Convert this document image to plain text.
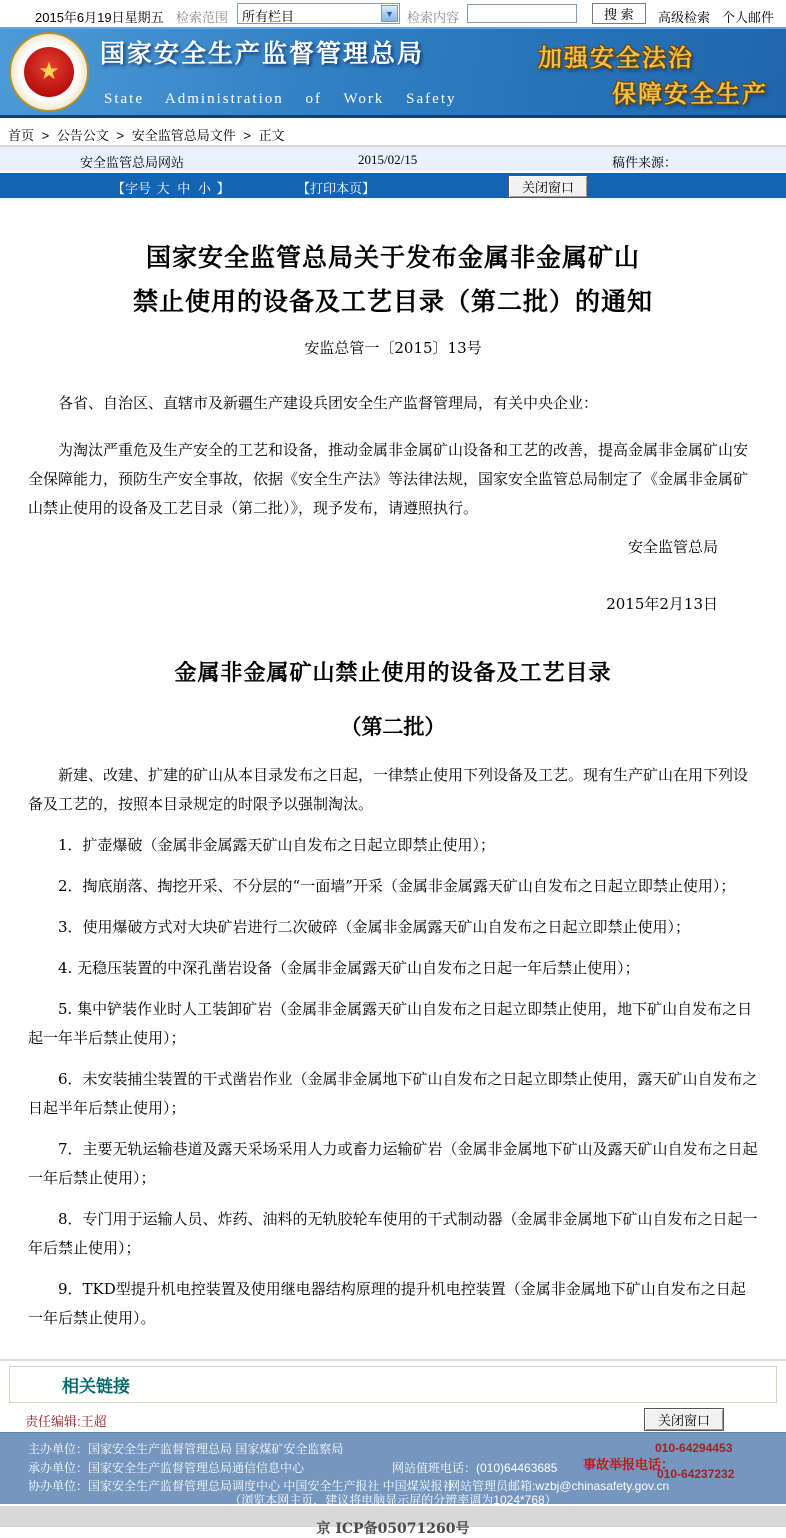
2015年6月19日星期五 检索范围 所有栏目	▼	检索内容	搜 索	高级检索 个人邮件
★
国家安全生产监督管理总局
State Administration of Work Safety
加强安全法治
保障安全生产
首页 > 公告公文 > 安全监管总局文件 > 正文
安全监管总局网站	2015/02/15	稿件来源：
【字号 大 中 小 】	【打印本页】	关闭窗口
国家安全监管总局关于发布金属非金属矿山
禁止使用的设备及工艺目录（第二批）的通知
安监总管一〔2015〕13号

各省、自治区、直辖市及新疆生产建设兵团安全生产监督管理局，有关中央企业：

为淘汰严重危及生产安全的工艺和设备，推动金属非金属矿山设备和工艺的改善，提高金属非金属矿山安全保障能力，预防生产安全事故，依据《安全生产法》等法律法规，国家安全监管总局制定了《金属非金属矿山禁止使用的设备及工艺目录（第二批）》，现予发布，请遵照执行。

安全监管总局
2015年2月13日
金属非金属矿山禁止使用的设备及工艺目录
（第二批）

新建、改建、扩建的矿山从本目录发布之日起，一律禁止使用下列设备及工艺。现有生产矿山在用下列设备及工艺的，按照本目录规定的时限予以强制淘汰。

1．扩壶爆破（金属非金属露天矿山自发布之日起立即禁止使用）；

2．掏底崩落、掏挖开采、不分层的“一面墙”开采（金属非金属露天矿山自发布之日起立即禁止使用）；

3．使用爆破方式对大块矿岩进行二次破碎（金属非金属露天矿山自发布之日起立即禁止使用）；

4. 无稳压装置的中深孔凿岩设备（金属非金属露天矿山自发布之日起一年后禁止使用）；

5. 集中铲装作业时人工装卸矿岩（金属非金属露天矿山自发布之日起立即禁止使用，地下矿山自发布之日起一年半后禁止使用）；

6．未安装捕尘装置的干式凿岩作业（金属非金属地下矿山自发布之日起立即禁止使用，露天矿山自发布之日起半年后禁止使用）；

7．主要无轨运输巷道及露天采场采用人力或畜力运输矿岩（金属非金属地下矿山及露天矿山自发布之日起一年后禁止使用）；

8．专门用于运输人员、炸药、油料的无轨胶轮车使用的干式制动器（金属非金属地下矿山自发布之日起一年后禁止使用）；

9．TKD型提升机电控装置及使用继电器结构原理的提升机电控装置（金属非金属地下矿山自发布之日起一年后禁止使用）。

相关链接
责任编辑:王超	关闭窗口
主办单位：国家安全生产监督管理总局 国家煤矿安全监察局
承办单位：国家安全生产监督管理总局通信信息中心	网站值班电话：(010)64463685
协办单位：国家安全生产监督管理总局调度中心 中国安全生产报社 中国煤炭报社
网站管理员邮箱:wzbj@chinasafety.gov.cn
（浏览本网主页，建议将电脑显示屏的分辨率调为1024*768）
事故举报电话：
010-64294453
010-64237232
京 ICP备05071260号
